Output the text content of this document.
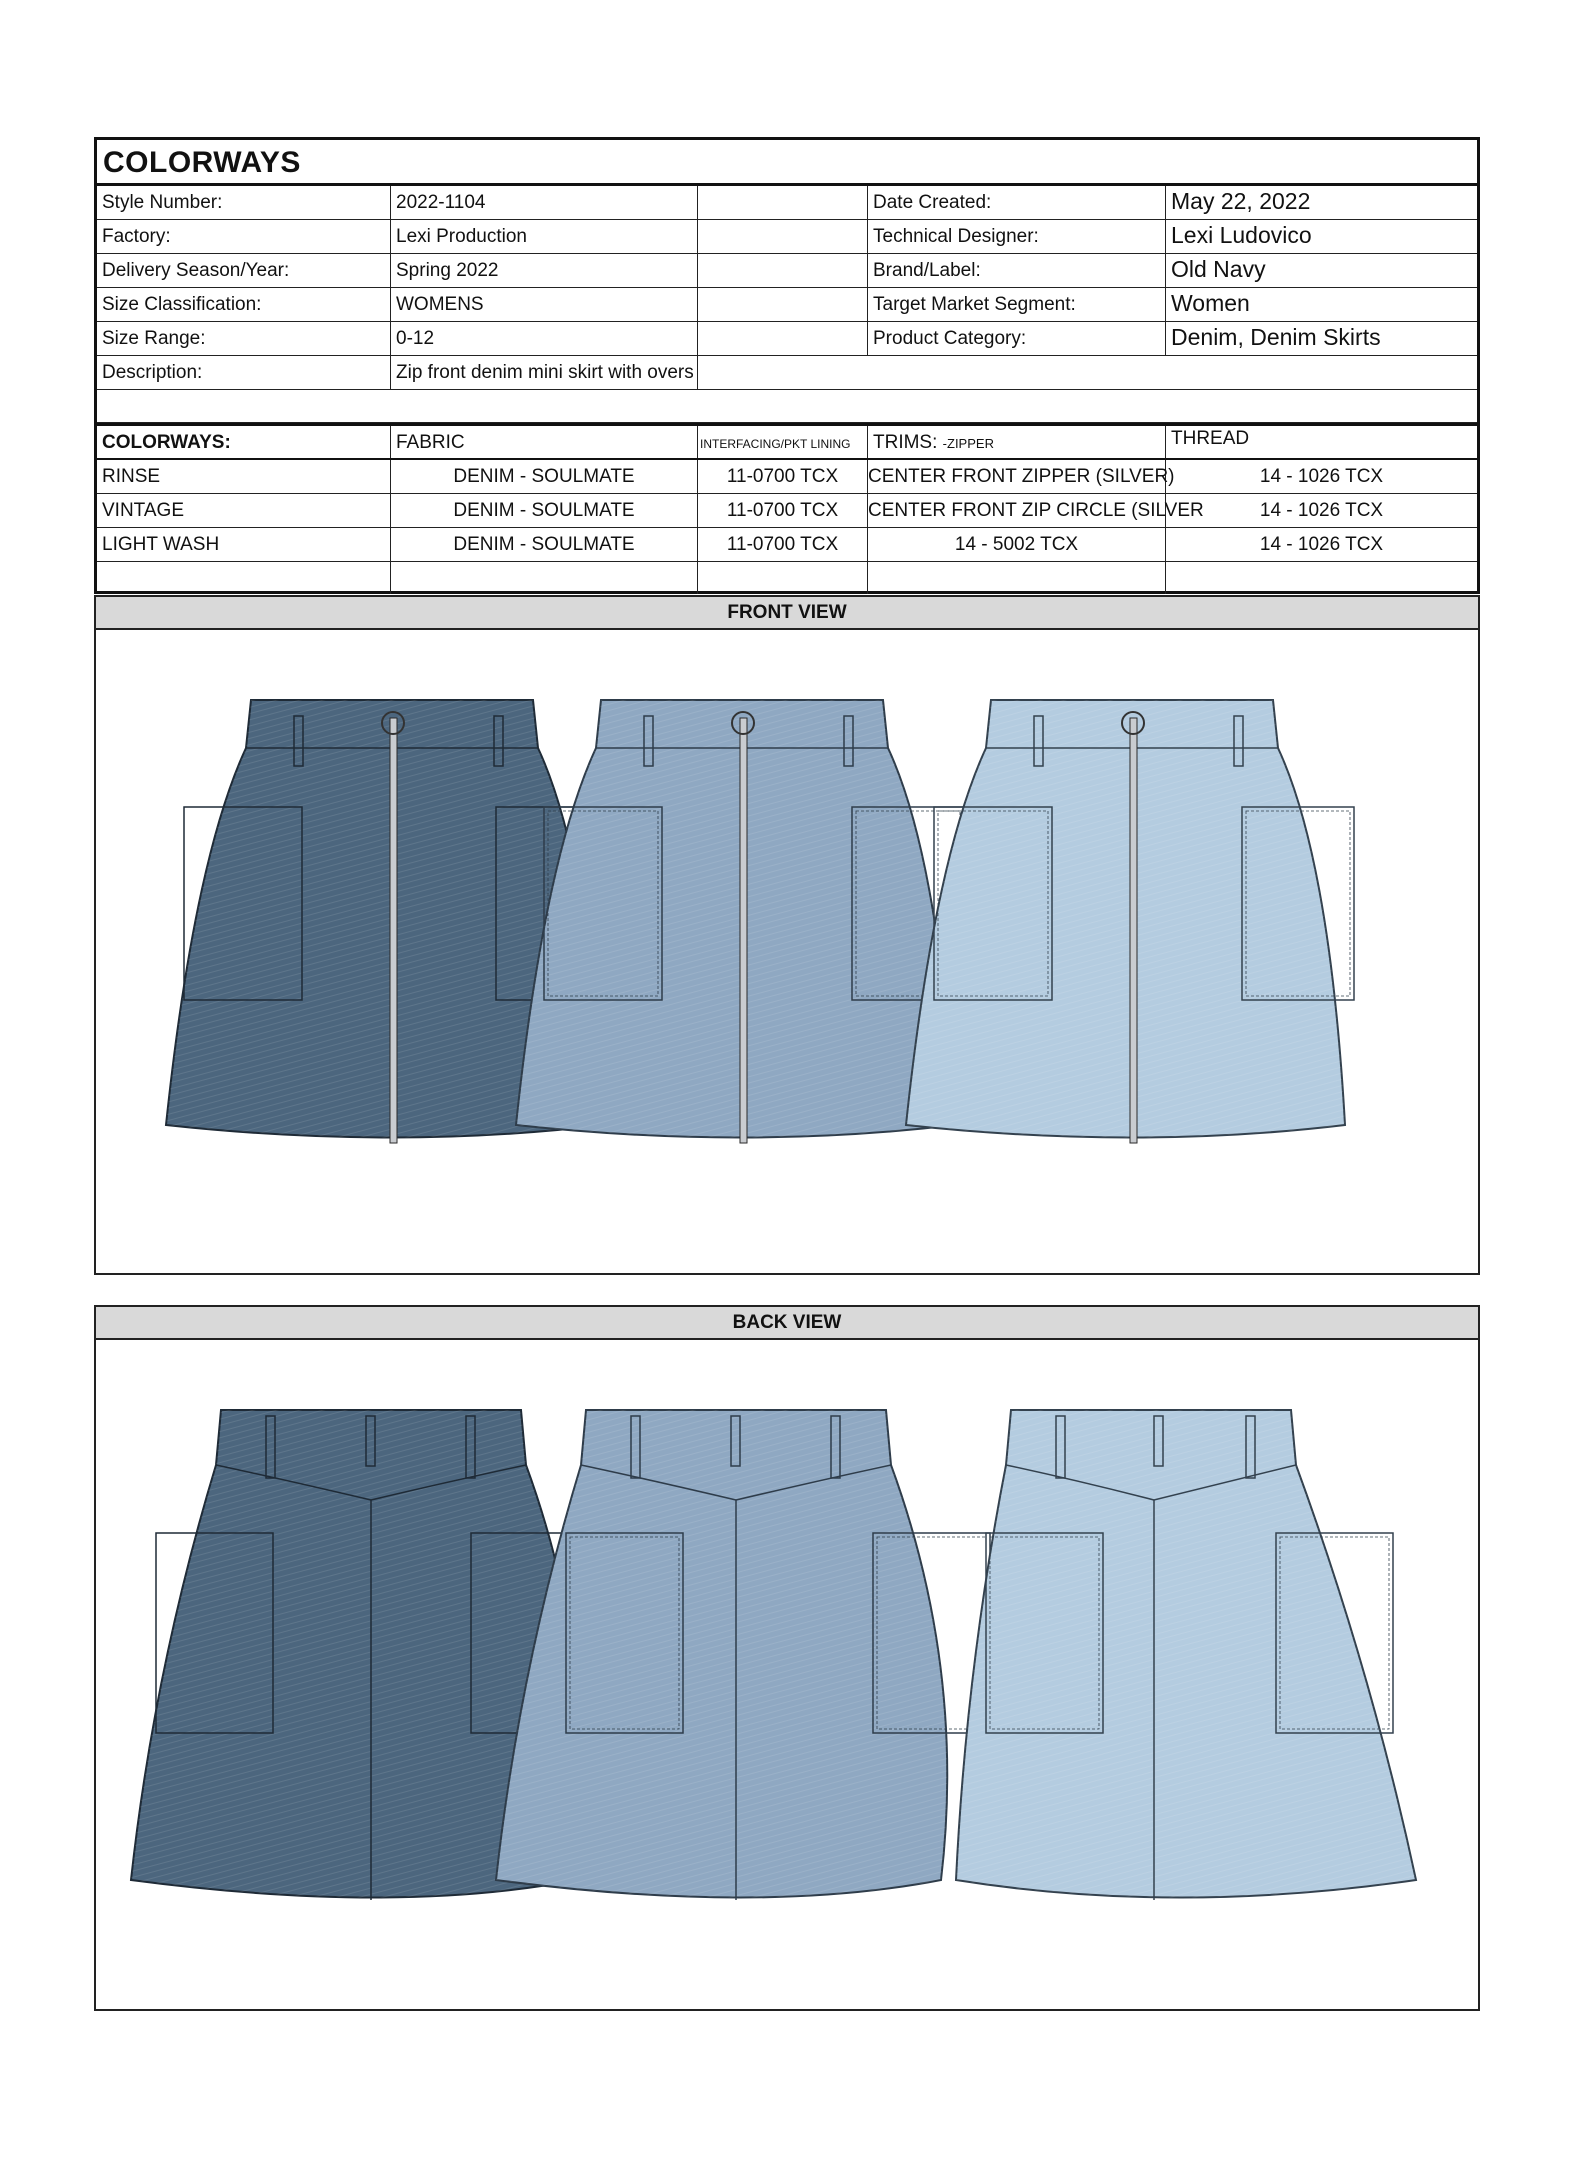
COLORWAYS
Style Number:	2022-1104	Date Created:	May 22, 2022
Factory:	Lexi Production	Technical Designer:	Lexi Ludovico
Delivery Season/Year:	Spring 2022	Brand/Label:	Old Navy
Size Classification:	WOMENS	Target Market Segment:	Women
Size Range:	0-12	Product Category:	Denim, Denim Skirts
Description:	Zip front denim mini skirt with overs
COLORWAYS:	FABRIC	INTERFACING/PKT LINING	TRIMS: -ZIPPER	THREAD
RINSE	DENIM - SOULMATE	11-0700 TCX	CENTER FRONT ZIPPER (SILVER)	14 - 1026 TCX
VINTAGE	DENIM - SOULMATE	11-0700 TCX	CENTER FRONT ZIP CIRCLE (SILVER	14 - 1026 TCX
LIGHT WASH	DENIM - SOULMATE	11-0700 TCX	14 - 5002 TCX	14 - 1026 TCX
FRONT VIEW
BACK VIEW
